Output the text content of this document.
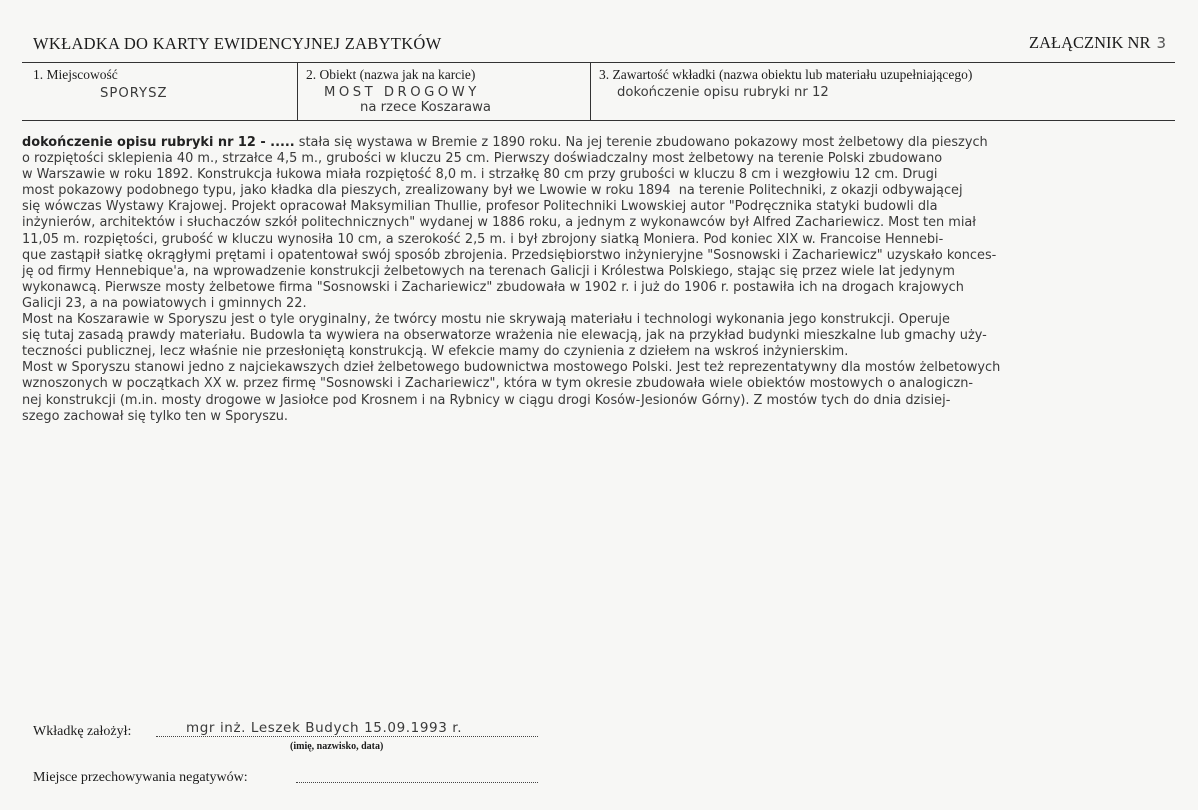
WKŁADKA DO KARTY EWIDENCYJNEJ ZABYTKÓW	ZAŁĄCZNIK NR 3
1. Miejscowość
SPORYSZ
2. Obiekt (nazwa jak na karcie)
MOST DROGOWY
na rzece Koszarawa
3. Zawartość wkładki (nazwa obiektu lub materiału uzupełniającego)
dokończenie opisu rubryki nr 12
dokończenie opisu rubryki nr 12 - ..... stała się wystawa w Bremie z 1890 roku. Na jej terenie zbudowano pokazowy most żelbetowy dla pieszych
o rozpiętości sklepienia 40 m., strzałce 4,5 m., grubości w kluczu 25 cm. Pierwszy doświadczalny most żelbetowy na terenie Polski zbudowano
w Warszawie w roku 1892. Konstrukcja łukowa miała rozpiętość 8,0 m. i strzałkę 80 cm przy grubości w kluczu 8 cm i wezgłowiu 12 cm. Drugi
most pokazowy podobnego typu, jako kładka dla pieszych, zrealizowany był we Lwowie w roku 1894  na terenie Politechniki, z okazji odbywającej
się wówczas Wystawy Krajowej. Projekt opracował Maksymilian Thullie, profesor Politechniki Lwowskiej autor "Podręcznika statyki budowli dla
inżynierów, architektów i słuchaczów szkół politechnicznych" wydanej w 1886 roku, a jednym z wykonawców był Alfred Zachariewicz. Most ten miał
11,05 m. rozpiętości, grubość w kluczu wynosiła 10 cm, a szerokość 2,5 m. i był zbrojony siatką Moniera. Pod koniec XIX w. Francoise Hennebi-
que zastąpił siatkę okrągłymi prętami i opatentował swój sposób zbrojenia. Przedsiębiorstwo inżynieryjne "Sosnowski i Zachariewicz" uzyskało konces-
ję od firmy Hennebique'a, na wprowadzenie konstrukcji żelbetowych na terenach Galicji i Królestwa Polskiego, stając się przez wiele lat jedynym
wykonawcą. Pierwsze mosty żelbetowe firma "Sosnowski i Zachariewicz" zbudowała w 1902 r. i już do 1906 r. postawiła ich na drogach krajowych
Galicji 23, a na powiatowych i gminnych 22.
Most na Koszarawie w Sporyszu jest o tyle oryginalny, że twórcy mostu nie skrywają materiału i technologi wykonania jego konstrukcji. Operuje
się tutaj zasadą prawdy materiału. Budowla ta wywiera na obserwatorze wrażenia nie elewacją, jak na przykład budynki mieszkalne lub gmachy uży-
teczności publicznej, lecz właśnie nie przesłoniętą konstrukcją. W efekcie mamy do czynienia z dziełem na wskroś inżynierskim.
Most w Sporyszu stanowi jedno z najciekawszych dzieł żelbetowego budownictwa mostowego Polski. Jest też reprezentatywny dla mostów żelbetowych
wznoszonych w początkach XX w. przez firmę "Sosnowski i Zachariewicz", która w tym okresie zbudowała wiele obiektów mostowych o analogiczn-
nej konstrukcji (m.in. mosty drogowe w Jasiołce pod Krosnem i na Rybnicy w ciągu drogi Kosów-Jesionów Górny). Z mostów tych do dnia dzisiej-
szego zachował się tylko ten w Sporyszu.
Wkładkę założył:	mgr inż. Leszek Budych 15.09.1993 r.
(imię, nazwisko, data)
Miejsce przechowywania negatywów:
